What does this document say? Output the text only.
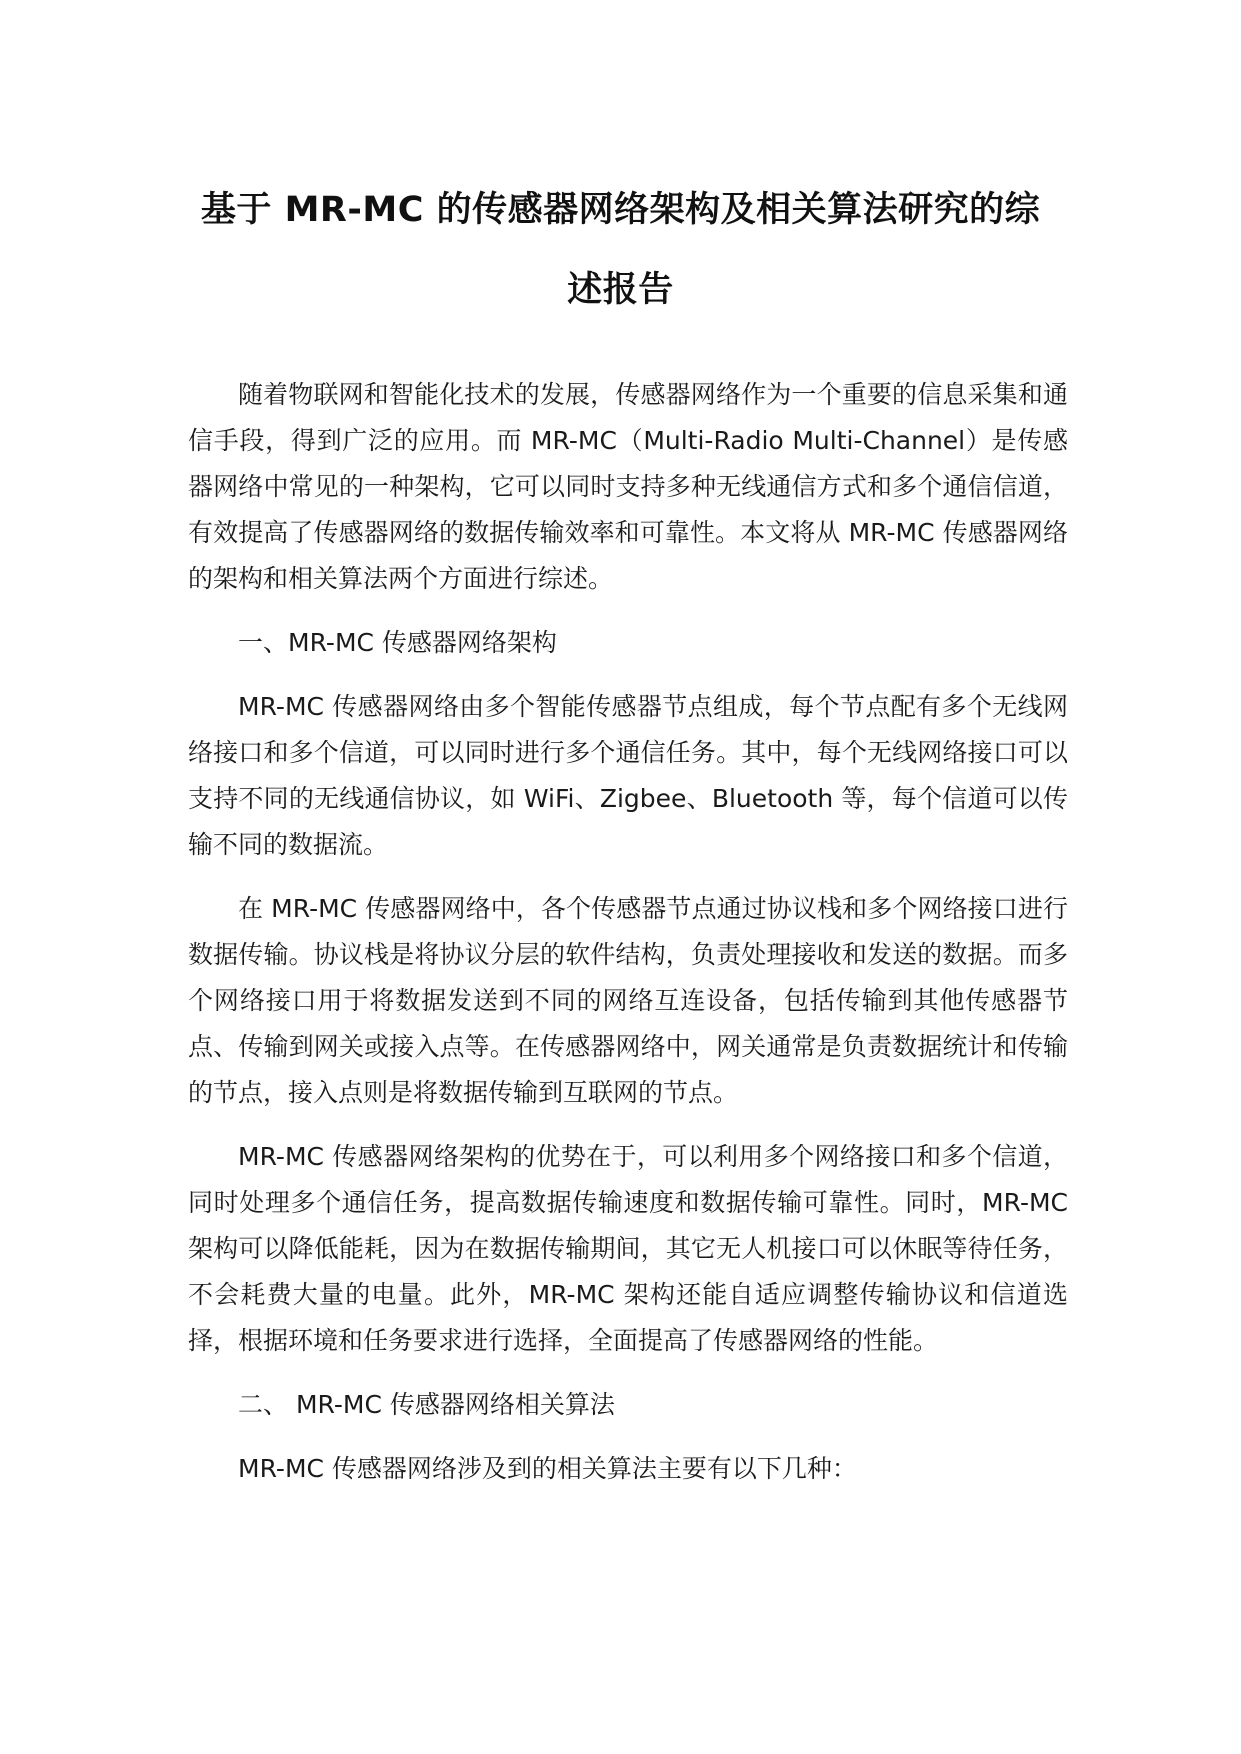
基于 MR-MC 的传感器网络架构及相关算法研究的综
述报告

随着物联网和智能化技术的发展，传感器网络作为一个重要的信息采集和通信手段，得到广泛的应用。而 MR-MC（Multi-Radio Multi-Channel）是传感器网络中常见的一种架构，它可以同时支持多种无线通信方式和多个通信信道，有效提高了传感器网络的数据传输效率和可靠性。本文将从 MR-MC 传感器网络的架构和相关算法两个方面进行综述。

一、MR-MC 传感器网络架构

MR-MC 传感器网络由多个智能传感器节点组成，每个节点配有多个无线网络接口和多个信道，可以同时进行多个通信任务。其中，每个无线网络接口可以支持不同的无线通信协议，如 WiFi、Zigbee、Bluetooth 等，每个信道可以传输不同的数据流。

在 MR-MC 传感器网络中，各个传感器节点通过协议栈和多个网络接口进行数据传输。协议栈是将协议分层的软件结构，负责处理接收和发送的数据。而多个网络接口用于将数据发送到不同的网络互连设备，包括传输到其他传感器节点、传输到网关或接入点等。在传感器网络中，网关通常是负责数据统计和传输的节点，接入点则是将数据传输到互联网的节点。

MR-MC 传感器网络架构的优势在于，可以利用多个网络接口和多个信道，同时处理多个通信任务，提高数据传输速度和数据传输可靠性。同时，MR-MC 架构可以降低能耗，因为在数据传输期间，其它无人机接口可以休眠等待任务，不会耗费大量的电量。此外，MR-MC 架构还能自适应调整传输协议和信道选择，根据环境和任务要求进行选择，全面提高了传感器网络的性能。

二、 MR-MC 传感器网络相关算法

MR-MC 传感器网络涉及到的相关算法主要有以下几种：
